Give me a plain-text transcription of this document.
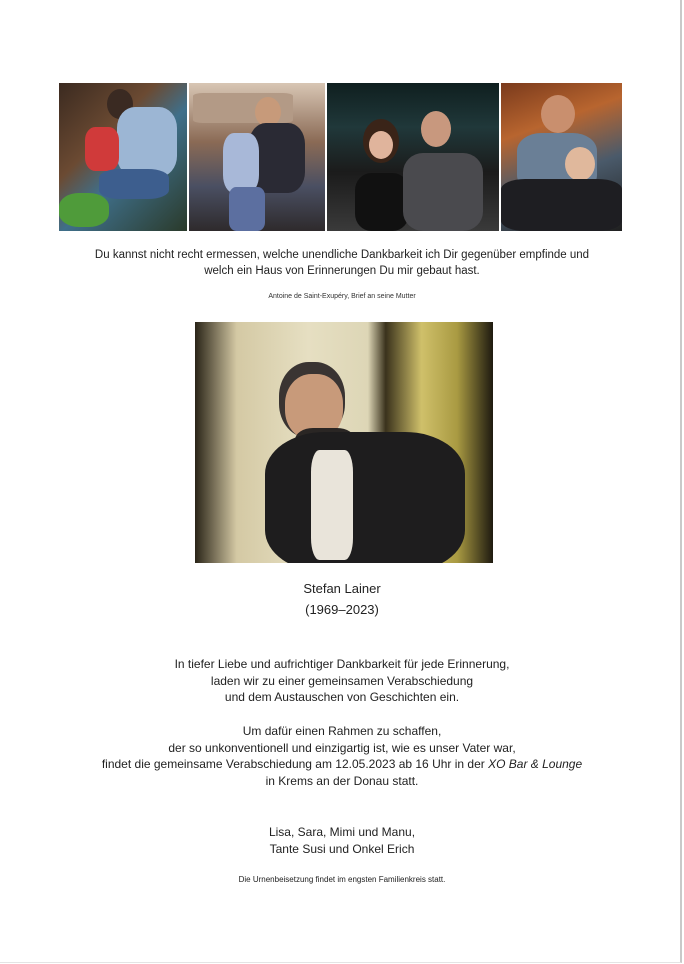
Du kannst nicht recht ermessen, welche unendliche Dankbarkeit ich Dir gegenüber empfinde und
welch ein Haus von Erinnerungen Du mir gebaut hast.
Antoine de Saint-Exupéry, Brief an seine Mutter
Stefan Lainer
(1969–2023)
In tiefer Liebe und aufrichtiger Dankbarkeit für jede Erinnerung,
laden wir zu einer gemeinsamen Verabschiedung
und dem Austauschen von Geschichten ein.
Um dafür einen Rahmen zu schaffen,
der so unkonventionell und einzigartig ist, wie es unser Vater war,
findet die gemeinsame Verabschiedung am 12.05.2023 ab 16 Uhr in der XO Bar & Lounge
in Krems an der Donau statt.
Lisa, Sara, Mimi und Manu,
Tante Susi und Onkel Erich
Die Urnenbeisetzung findet im engsten Familienkreis statt.
